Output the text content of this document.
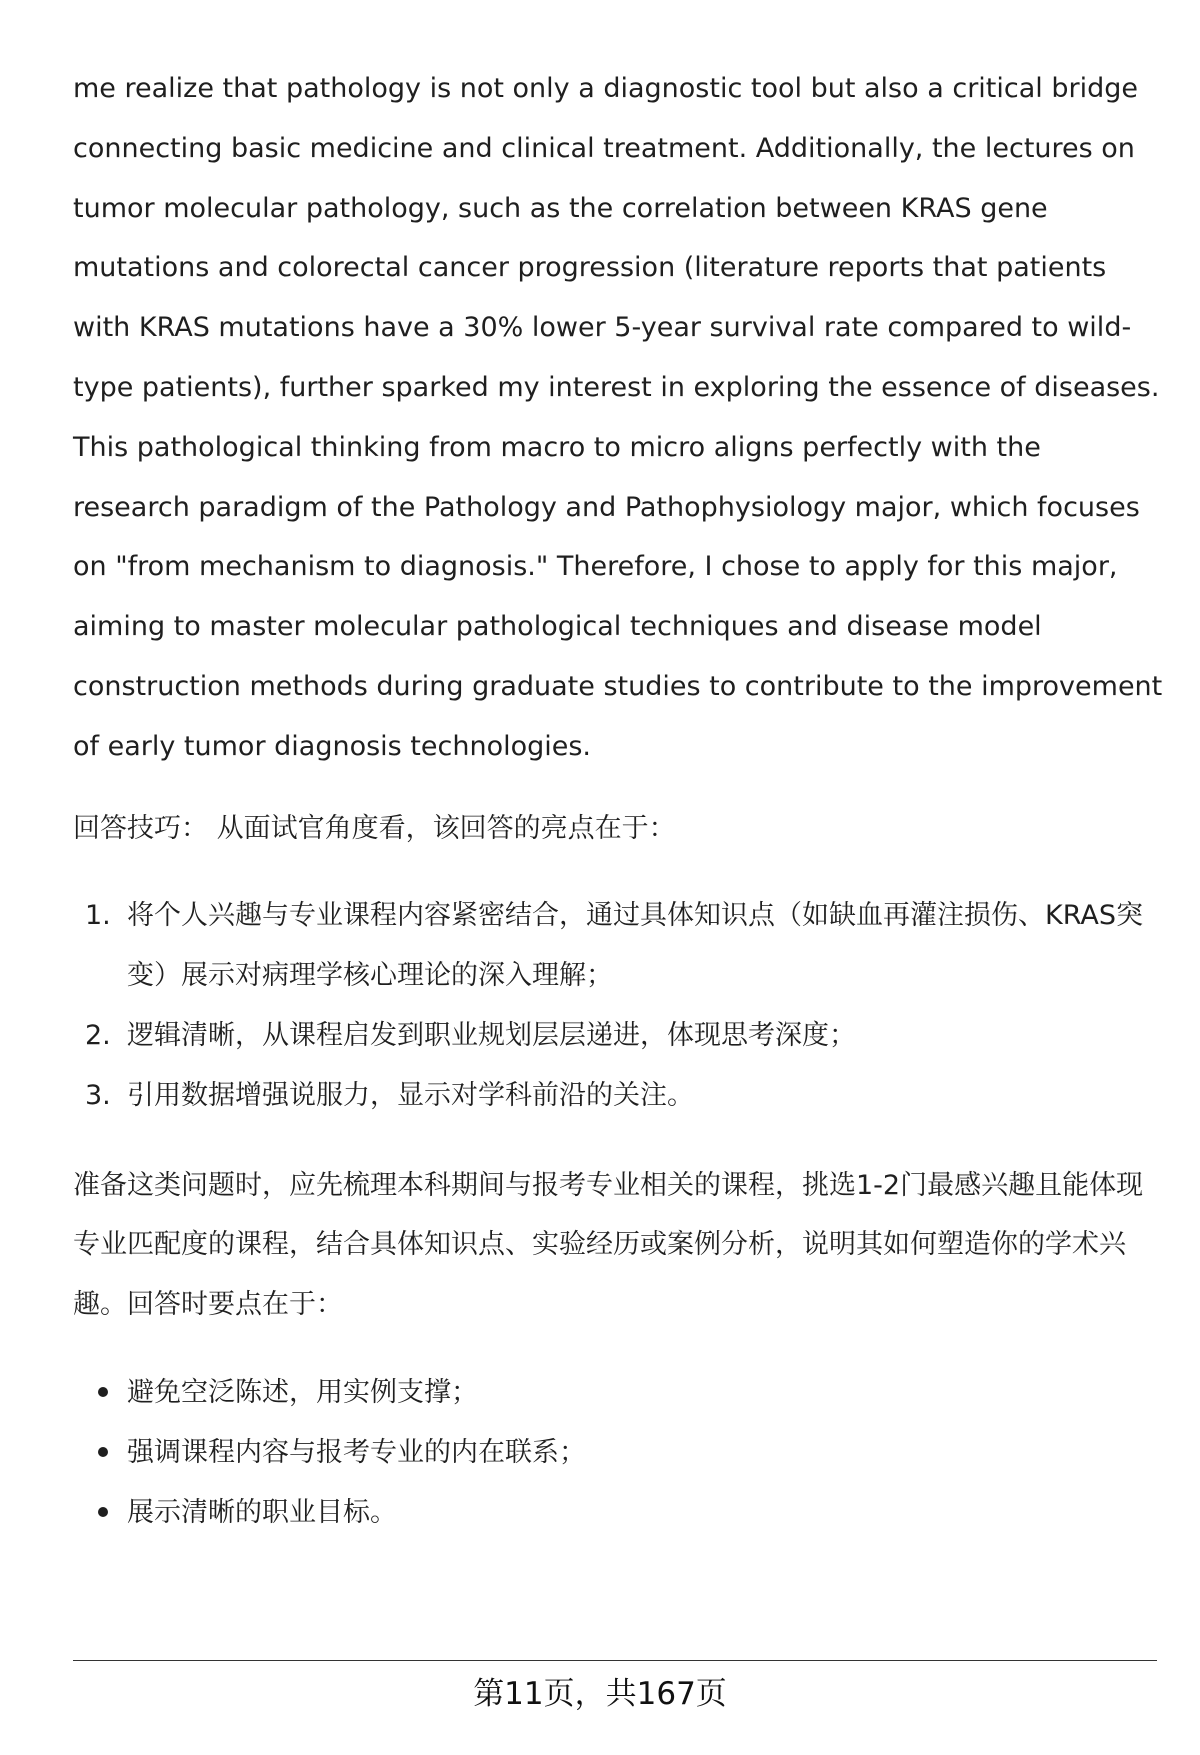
me realize that pathology is not only a diagnostic tool but also a critical bridge connecting basic medicine and clinical treatment. Additionally, the lectures on tumor molecular pathology, such as the correlation between KRAS gene mutations and colorectal cancer progression (literature reports that patients with KRAS mutations have a 30% lower 5-year survival rate compared to wild-type patients), further sparked my interest in exploring the essence of diseases. This pathological thinking from macro to micro aligns perfectly with the research paradigm of the Pathology and Pathophysiology major, which focuses on "from mechanism to diagnosis." Therefore, I chose to apply for this major, aiming to master molecular pathological techniques and disease model construction methods during graduate studies to contribute to the improvement of early tumor diagnosis technologies.

回答技巧： 从面试官角度看，该回答的亮点在于：

1. 将个人兴趣与专业课程内容紧密结合，通过具体知识点（如缺血再灌注损伤、KRAS突变）展示对病理学核心理论的深入理解；
2. 逻辑清晰，从课程启发到职业规划层层递进，体现思考深度；
3. 引用数据增强说服力，显示对学科前沿的关注。

准备这类问题时，应先梳理本科期间与报考专业相关的课程，挑选1-2门最感兴趣且能体现专业匹配度的课程，结合具体知识点、实验经历或案例分析，说明其如何塑造你的学术兴趣。回答时要点在于：

避免空泛陈述，用实例支撑；
强调课程内容与报考专业的内在联系；
展示清晰的职业目标。
第11页，共167页
